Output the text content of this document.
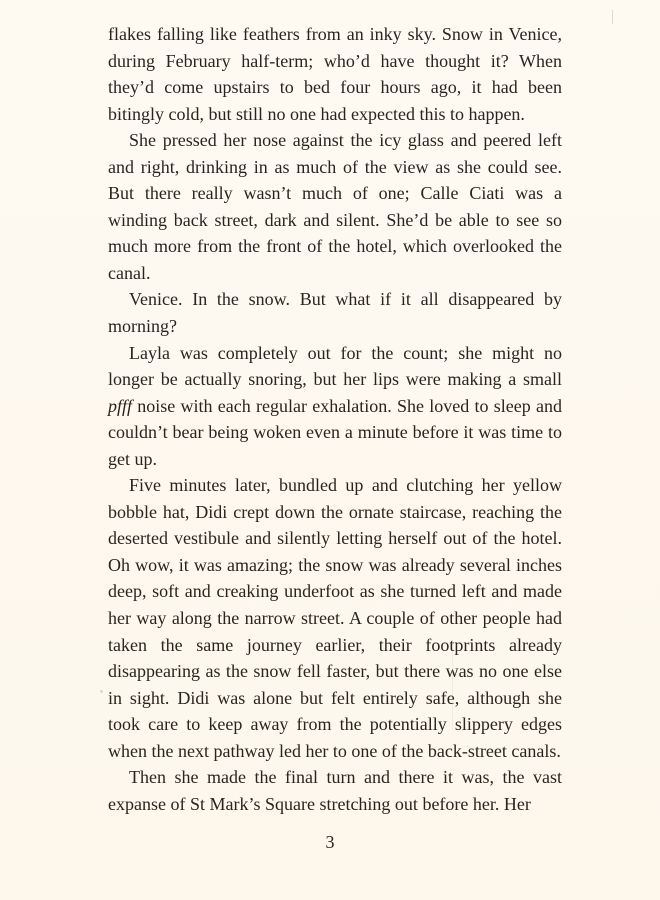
flakes falling like feathers from an inky sky. Snow in Venice, during February half-term; who’d have thought it? When they’d come upstairs to bed four hours ago, it had been bitingly cold, but still no one had expected this to happen.

She pressed her nose against the icy glass and peered left and right, drinking in as much of the view as she could see. But there really wasn’t much of one; Calle Ciati was a winding back street, dark and silent. She’d be able to see so much more from the front of the hotel, which overlooked the canal.

Venice. In the snow. But what if it all disappeared by morning?

Layla was completely out for the count; she might no longer be actually snoring, but her lips were making a small pfff noise with each regular exhalation. She loved to sleep and couldn’t bear being woken even a minute before it was time to get up.

Five minutes later, bundled up and clutching her yellow bobble hat, Didi crept down the ornate staircase, reaching the deserted vestibule and silently letting herself out of the hotel. Oh wow, it was amazing; the snow was already several inches deep, soft and creaking underfoot as she turned left and made her way along the narrow street. A couple of other people had taken the same journey earlier, their footprints already disappearing as the snow fell faster, but there was no one else in sight. Didi was alone but felt entirely safe, although she took care to keep away from the potentially slippery edges when the next pathway led her to one of the back-street canals.

Then she made the final turn and there it was, the vast expanse of St Mark’s Square stretching out before her. Her

3
